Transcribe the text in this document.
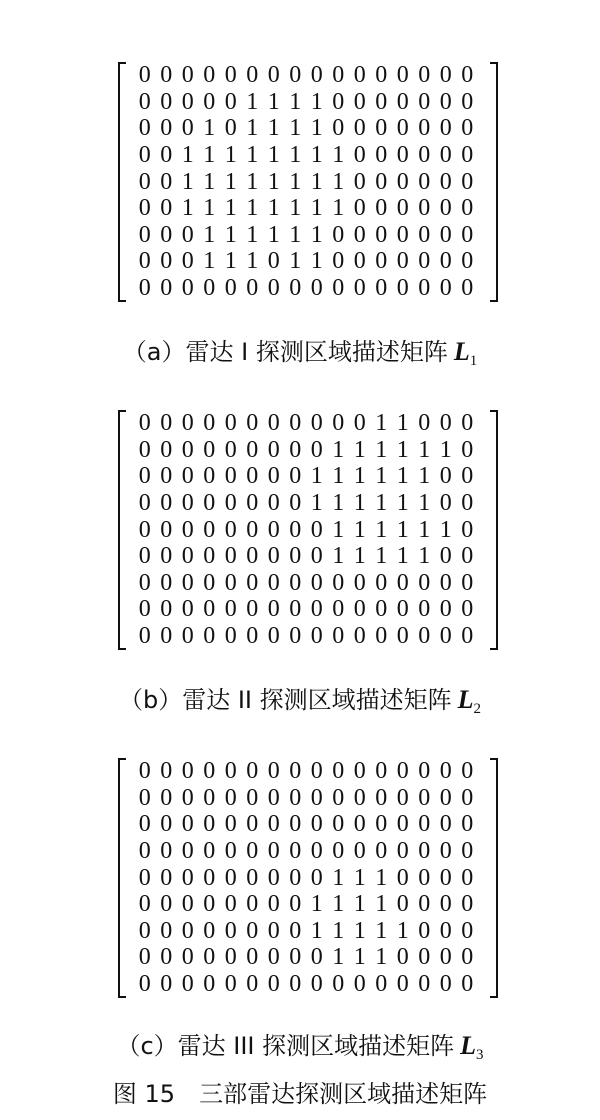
0 0 0 0 0 0 0 0 0 0 0 0 0 0 0 0
0 0 0 0 0 1 1 1 1 0 0 0 0 0 0 0
0 0 0 1 0 1 1 1 1 0 0 0 0 0 0 0
0 0 1 1 1 1 1 1 1 1 0 0 0 0 0 0
0 0 1 1 1 1 1 1 1 1 0 0 0 0 0 0
0 0 1 1 1 1 1 1 1 1 0 0 0 0 0 0
0 0 0 1 1 1 1 1 1 0 0 0 0 0 0 0
0 0 0 1 1 1 0 1 1 0 0 0 0 0 0 0
0 0 0 0 0 0 0 0 0 0 0 0 0 0 0 0
（a）雷达 I 探测区域描述矩阵 $L_1$
0 0 0 0 0 0 0 0 0 0 0 1 1 0 0 0
0 0 0 0 0 0 0 0 0 1 1 1 1 1 1 0
0 0 0 0 0 0 0 0 1 1 1 1 1 1 0 0
0 0 0 0 0 0 0 0 1 1 1 1 1 1 0 0
0 0 0 0 0 0 0 0 0 1 1 1 1 1 1 0
0 0 0 0 0 0 0 0 0 1 1 1 1 1 0 0
0 0 0 0 0 0 0 0 0 0 0 0 0 0 0 0
0 0 0 0 0 0 0 0 0 0 0 0 0 0 0 0
0 0 0 0 0 0 0 0 0 0 0 0 0 0 0 0
（b）雷达 II 探测区域描述矩阵 $L_2$
0 0 0 0 0 0 0 0 0 0 0 0 0 0 0 0
0 0 0 0 0 0 0 0 0 0 0 0 0 0 0 0
0 0 0 0 0 0 0 0 0 0 0 0 0 0 0 0
0 0 0 0 0 0 0 0 0 0 0 0 0 0 0 0
0 0 0 0 0 0 0 0 0 1 1 1 0 0 0 0
0 0 0 0 0 0 0 0 1 1 1 1 0 0 0 0
0 0 0 0 0 0 0 0 1 1 1 1 1 0 0 0
0 0 0 0 0 0 0 0 0 1 1 1 0 0 0 0
0 0 0 0 0 0 0 0 0 0 0 0 0 0 0 0
（c）雷达 III 探测区域描述矩阵 $L_3$
图 15　三部雷达探测区域描述矩阵
